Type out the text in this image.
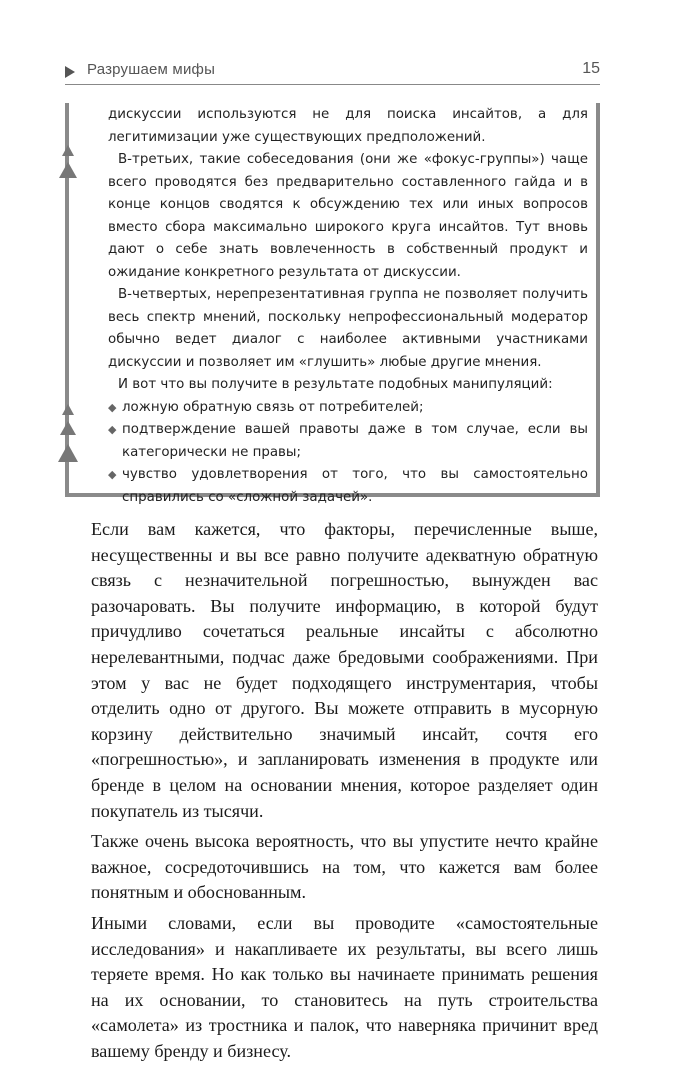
Разрушаем мифы	15

дискуссии используются не для поиска инсайтов, а для легитимизации уже существующих предположений.

В-третьих, такие собеседования (они же «фокус-группы») чаще всего проводятся без предварительно составленного гайда и в конце концов сводятся к обсуждению тех или иных вопросов вместо сбора максимально широкого круга инсайтов. Тут вновь дают о себе знать вовлеченность в собственный продукт и ожидание конкретного результата от дискуссии.

В-четвертых, нерепрезентативная группа не позволяет получить весь спектр мнений, поскольку непрофессиональный модератор обычно ведет диалог с наиболее активными участниками дискуссии и позволяет им «глушить» любые другие мнения.

И вот что вы получите в результате подобных манипуляций:

◆ ложную обратную связь от потребителей;
◆ подтверждение вашей правоты даже в том случае, если вы категорически не правы;
◆ чувство удовлетворения от того, что вы самостоятельно справились со «сложной задачей».

Если вам кажется, что факторы, перечисленные выше, несущественны и вы все равно получите адекватную обратную связь с незначительной погрешностью, вынужден вас разочаровать. Вы получите информацию, в которой будут причудливо сочетаться реальные инсайты с абсолютно нерелевантными, подчас даже бредовыми соображениями. При этом у вас не будет подходящего инструментария, чтобы отделить одно от другого. Вы можете отправить в мусорную корзину действительно значимый инсайт, сочтя его «погрешностью», и запланировать изменения в продукте или бренде в целом на основании мнения, которое разделяет один покупатель из тысячи.

Также очень высока вероятность, что вы упустите нечто крайне важное, сосредоточившись на том, что кажется вам более понятным и обоснованным.

Иными словами, если вы проводите «самостоятельные исследования» и накапливаете их результаты, вы всего лишь теряете время. Но как только вы начинаете принимать решения на их основании, то становитесь на путь строительства «самолета» из тростника и палок, что наверняка причинит вред вашему бренду и бизнесу.
